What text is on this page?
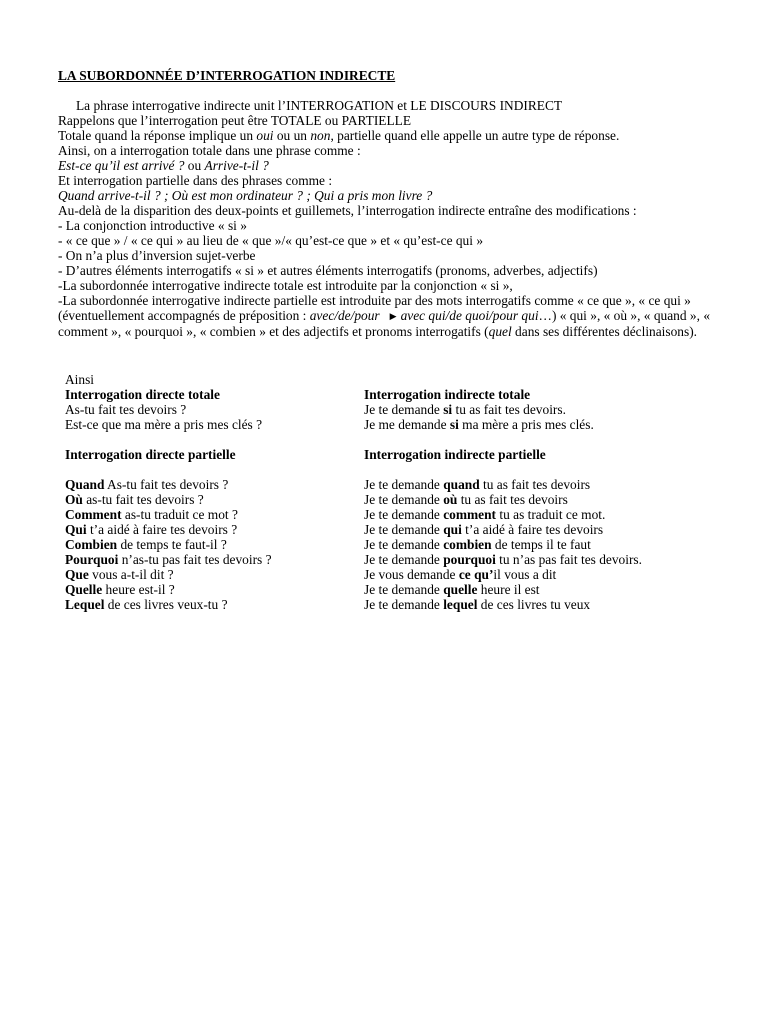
LA SUBORDONNÉE D’INTERROGATION INDIRECTE
La phrase interrogative indirecte unit l’INTERROGATION et LE DISCOURS INDIRECT
Rappelons que l’interrogation peut être TOTALE ou PARTIELLE
Totale quand la réponse implique un oui ou un non, partielle quand elle appelle un autre type de réponse.
Ainsi, on a interrogation totale dans une phrase comme :
Est-ce qu’il est arrivé ? ou Arrive-t-il ?
Et interrogation partielle dans des phrases comme :
Quand arrive-t-il ? ; Où est mon ordinateur ? ; Qui a pris mon livre ?
Au-delà de la disparition des deux-points et guillemets, l’interrogation indirecte entraîne des modifications :
- La conjonction introductive « si »
- « ce que » / « ce qui » au lieu de « que »/« qu’est-ce que » et « qu’est-ce qui »
- On n’a plus d’inversion sujet-verbe
- D’autres éléments interrogatifs « si » et autres éléments interrogatifs (pronoms, adverbes, adjectifs)
-La subordonnée interrogative indirecte totale est introduite par la conjonction « si »,
-La subordonnée interrogative indirecte partielle est introduite par des mots interrogatifs comme « ce que », « ce qui » (éventuellement accompagnés de préposition : avec/de/pour ▶ avec qui/de quoi/pour qui…) « qui », « où », « quand », « comment », « pourquoi », « combien » et des adjectifs et pronoms interrogatifs (quel dans ses différentes déclinaisons).
Ainsi
Interrogation directe totale	Interrogation indirecte totale
As-tu fait tes devoirs ?	Je te demande si tu as fait tes devoirs.
Est-ce que ma mère a pris mes clés ?	Je me demande si ma mère a pris mes clés.
Interrogation directe partielle	Interrogation indirecte partielle
Quand As-tu fait tes devoirs ?	Je te demande quand tu as fait tes devoirs
Où as-tu fait tes devoirs ?	Je te demande où tu as fait tes devoirs
Comment as-tu traduit ce mot ?	Je te demande comment tu as traduit ce mot.
Qui t’a aidé à faire tes devoirs ?	Je te demande qui t’a aidé à faire tes devoirs
Combien de temps te faut-il ?	Je te demande combien de temps il te faut
Pourquoi n’as-tu pas fait tes devoirs ?	Je te demande pourquoi tu n’as pas fait tes devoirs.
Que vous a-t-il dit ?	Je vous demande ce qu’il vous a dit
Quelle heure est-il ?	Je te demande quelle heure il est
Lequel de ces livres veux-tu ?	Je te demande lequel de ces livres tu veux
